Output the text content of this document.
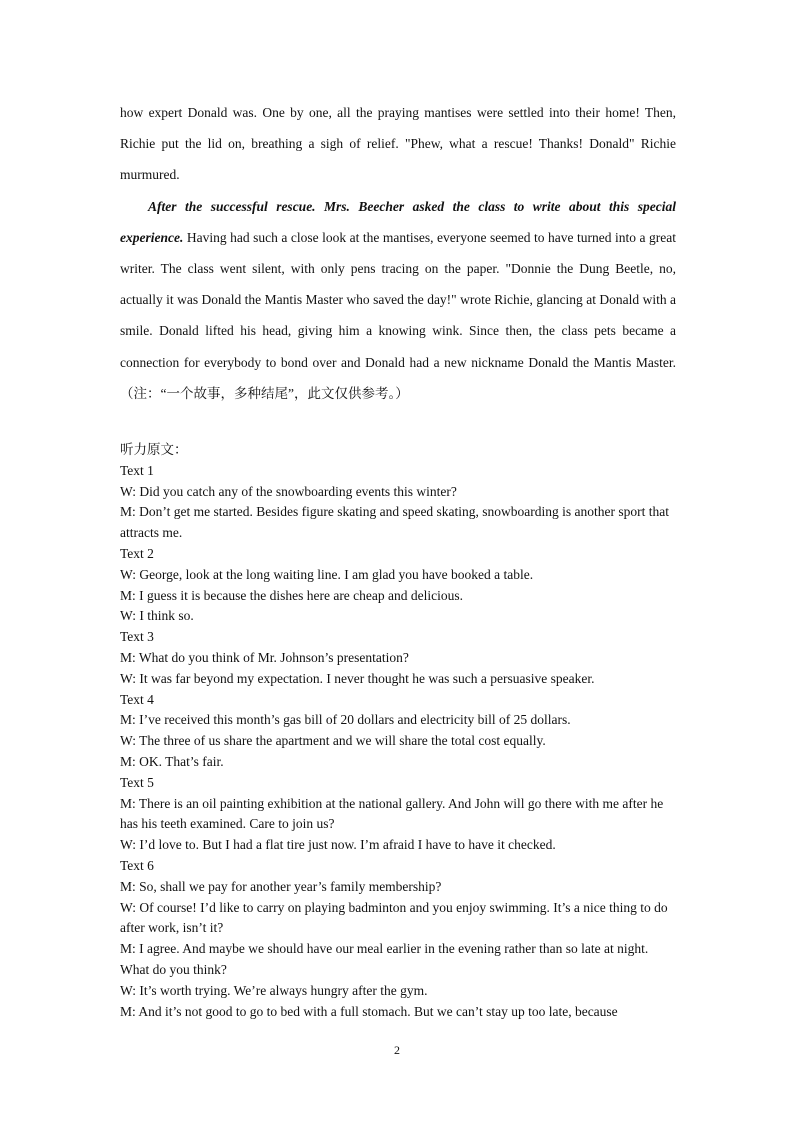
how expert Donald was. One by one, all the praying mantises were settled into their home! Then, Richie put the lid on, breathing a sigh of relief. "Phew, what a rescue! Thanks! Donald" Richie murmured.

After the successful rescue. Mrs. Beecher asked the class to write about this special experience. Having had such a close look at the mantises, everyone seemed to have turned into a great writer. The class went silent, with only pens tracing on the paper. "Donnie the Dung Beetle, no, actually it was Donald the Mantis Master who saved the day!" wrote Richie, glancing at Donald with a smile. Donald lifted his head, giving him a knowing wink. Since then, the class pets became a connection for everybody to bond over and Donald had a new nickname Donald the Mantis Master.（注：“一个故事，多种结尾”，此文仅供参考。）

听力原文：
Text 1
W: Did you catch any of the snowboarding events this winter?
M: Don’t get me started. Besides figure skating and speed skating, snowboarding is another sport that attracts me.
Text 2
W: George, look at the long waiting line. I am glad you have booked a table.
M: I guess it is because the dishes here are cheap and delicious.
W: I think so.
Text 3
M: What do you think of Mr. Johnson’s presentation?
W: It was far beyond my expectation. I never thought he was such a persuasive speaker.
Text 4
M: I’ve received this month’s gas bill of 20 dollars and electricity bill of 25 dollars.
W: The three of us share the apartment and we will share the total cost equally.
M: OK. That’s fair.
Text 5
M: There is an oil painting exhibition at the national gallery. And John will go there with me after he has his teeth examined. Care to join us?
W: I’d love to. But I had a flat tire just now. I’m afraid I have to have it checked.
Text 6
M: So, shall we pay for another year’s family membership?
W: Of course! I’d like to carry on playing badminton and you enjoy swimming. It’s a nice thing to do after work, isn’t it?
M: I agree. And maybe we should have our meal earlier in the evening rather than so late at night. What do you think?
W: It’s worth trying. We’re always hungry after the gym.
M: And it’s not good to go to bed with a full stomach. But we can’t stay up too late, because
2
